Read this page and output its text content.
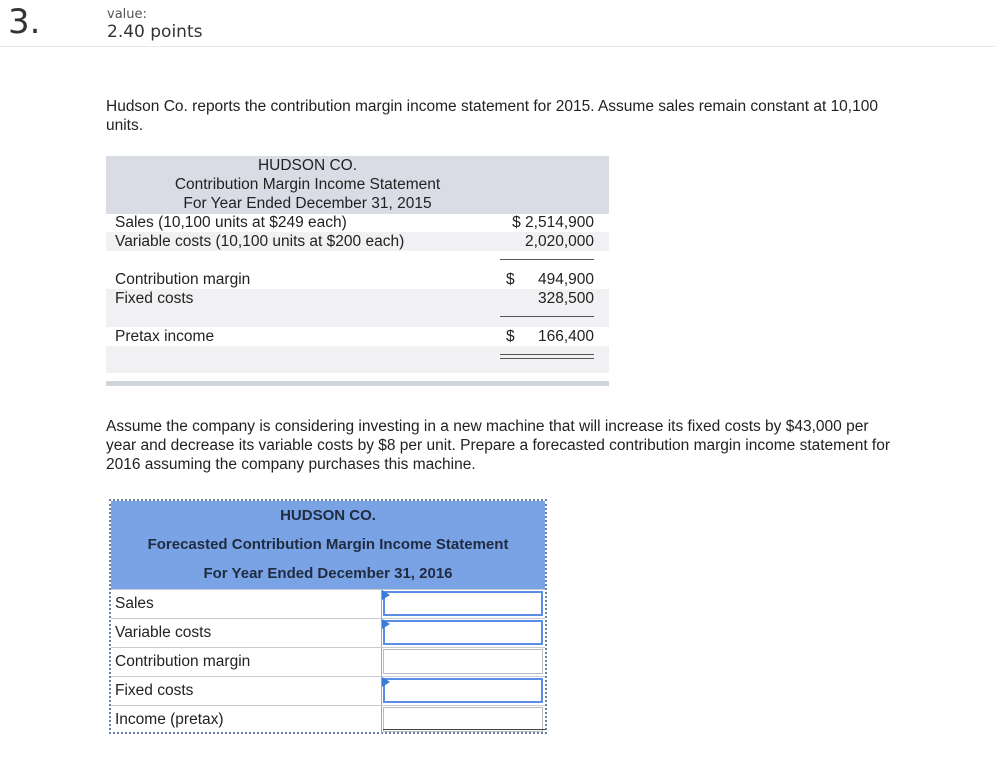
3.	value:
2.40 points
Hudson Co. reports the contribution margin income statement for 2015. Assume sales remain constant at 10,100 units.
HUDSON CO.
Contribution Margin Income Statement
For Year Ended December 31, 2015
Sales (10,100 units at $249 each)	$ 2,514,900
Variable costs (10,100 units at $200 each)	2,020,000
Contribution margin	$ 494,900
Fixed costs	328,500
Pretax income	$ 166,400
Assume the company is considering investing in a new machine that will increase its fixed costs by $43,000 per year and decrease its variable costs by $8 per unit. Prepare a forecasted contribution margin income statement for 2016 assuming the company purchases this machine.
HUDSON CO.
Forecasted Contribution Margin Income Statement
For Year Ended December 31, 2016
Sales
Variable costs
Contribution margin
Fixed costs
Income (pretax)
